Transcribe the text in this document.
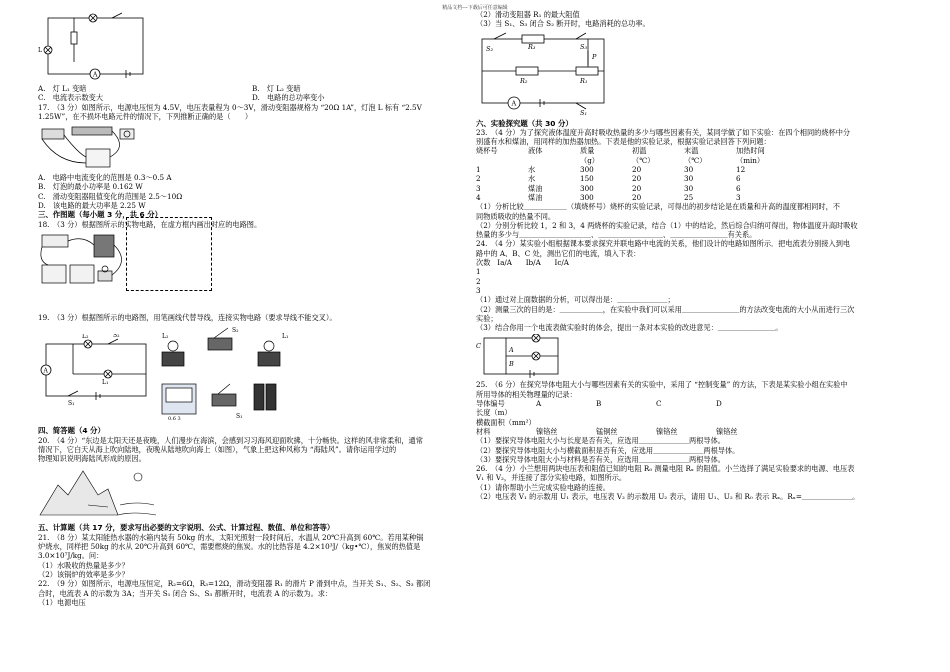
精品文档---下载后可任意编辑
L
A
A.　灯 L₁ 变暗	B.　灯 L₂ 变暗
C.　电流表示数变大	D.　电路的总功率变小
17.　（3 分）如图所示，电源电压恒为 4.5V，电压表量程为 0～3V，滑动变阻器规格为 “20Ω 1A”，灯泡 L 标有 “2.5V
1.25W”，在不损坏电路元件的情况下，下列推断正确的是（　　）
A.　电路中电流变化的范围是 0.3～0.5 A
B.　灯泡的最小功率是 0.162 W
C.　滑动变阻器阻值变化的范围是 2.5～10Ω
D.　该电路的最大功率是 2.25 W
三、作图题（每小题 3 分，共 6 分）
18.　（3 分）根据图所示的实物电路，在虚方框内画出对应的电路图。
19.　（3 分）根据图所示的电路图，用笔画线代替导线，连接实物电路（要求导线不能交叉）。
L₂	S₂
A
L₁
S₁
L₂
S₂
L₁
S₁
0.6 3
四、简答题（4 分）
20.　（4 分）“东边是太阳天还是夜晚，人们漫步在海滨，会感到习习海风迎面吹拂，十分畅快。这样的风非常柔和，通常
情况下，它白天从海上吹向陆地，夜晚从陆地吹向海上（如图），气象上把这种风称为 “海陆风”。请你运用学过的
物理知识说明海陆风形成的原因。
五、计算题（共 17 分，要求写出必要的文字说明、公式、计算过程、数值、单位和答等）
21.　（8 分）某太阳能热水器的水箱内装有 50kg 的水，太阳光照射一段时间后，水温从 20℃升高到 60℃。若用某种锅
炉烧水，同样把 50kg 的水从 20℃升高到 60℃，需要燃烧的焦炭。水的比热容是 4.2×10³J/（kg•℃），焦炭的热值是
3.0×10⁷J/kg。问：
（1）水吸收的热量是多少？
（2）该锅炉的效率是多少？
22.　（9 分）如图所示，电源电压恒定，R₂=6Ω，R₃=12Ω，滑动变阻器 R₁ 的滑片 P 滑到中点，当开关 S₁、S₂、S₃ 都闭
合时，电流表 A 的示数为 3A；当开关 S₁ 闭合 S₂、S₃ 都断开时，电流表 A 的示数为。求：
（1）电源电压
（2）滑动变阻器 R₁ 的最大阻值
（3）当 S₁、S₃ 闭合 S₂ 断开时，电路消耗的总功率。
S₂	R₃	S₃
P
R₂	R₁
A
S₁
六、实验探究题（共 30 分）
23.　（4 分）为了探究液体温度升高时吸收热量的多少与哪些因素有关，某同学做了如下实验：在四个相同的烧杯中分
别盛有水和煤油，用同样的加热器加热。下表是他的实验记录，根据实验记录回答下列问题：
烧杯号	液体	质量	初温	末温	加热时间
（g）	（℃）	（℃）	（min）
1	水	300	20	30	12
2	水	150	20	30	6
3	煤油	300	20	30	6
4	煤油	300	20	25	3
（1）分析比较＿＿＿＿＿＿（填烧杯号）烧杯的实验记录，可得出的初步结论是在质量和升高的温度都相同时，不
同物质吸收的热量不同。
（2）分别分析比较 1，2 和 3，4 两烧杯的实验记录，结合（1）中的结论，然后综合归纳可得出，物体温度升高时吸收
热量的多少与＿＿＿＿＿＿＿＿＿＿、＿＿＿＿＿＿＿＿＿、＿＿＿＿＿＿＿＿有关系。
24.　（4 分）某实验小组根据课本要求探究并联电路中电流的关系，他们设计的电路如图所示．把电流表分别接入到电
路中的 A、B、C 处，测出它们的电流，填入下表：
次数 Ia/A Ib/A Ic/A
1
2
3
（1）通过对上面数据的分析，可以得出是：＿＿＿＿＿＿＿；
（2）测量三次的目的是：＿＿＿＿＿＿，在实验中我们可以采用＿＿＿＿＿＿＿＿的方法改变电流的大小从而进行三次
实验；
（3）结合你用一个电流表做实验时的体会，提出一条对本实验的改进意见：＿＿＿＿＿＿＿＿。
C	A
B
25.　（6 分）在探究导体电阻大小与哪些因素有关的实验中，采用了 “控制变量” 的方法，下表是某实验小组在实验中
所用导体的相关物理量的记录：
导体编号	A	B	C	D
长度（m）
横截面积（mm²）
材料	镍铬丝	锰铜丝	镍铬丝	镍铬丝
（1）要探究导体电阻大小与长度是否有关，应选用＿＿＿＿＿＿＿两根导体。
（2）要探究导体电阻大小与横截面积是否有关，应选用＿＿＿＿＿＿＿两根导体。
（3）要探究导体电阻大小与材料是否有关，应选用＿＿＿＿＿＿＿两根导体。
26.　（4 分）小兰想用两块电压表和阻值已知的电阻 R₀ 测量电阻 Rₓ 的阻值。小兰选择了满足实验要求的电源、电压表
V₁ 和 V₂，并连接了部分实验电路，如图所示。
（1）请你帮助小兰完成实验电路的连接。
（2）电压表 V₁ 的示数用 U₁ 表示，电压表 V₂ 的示数用 U₂ 表示，请用 U₁、U₂ 和 R₀ 表示 Rₓ。Rₓ=＿＿＿＿＿＿＿。
